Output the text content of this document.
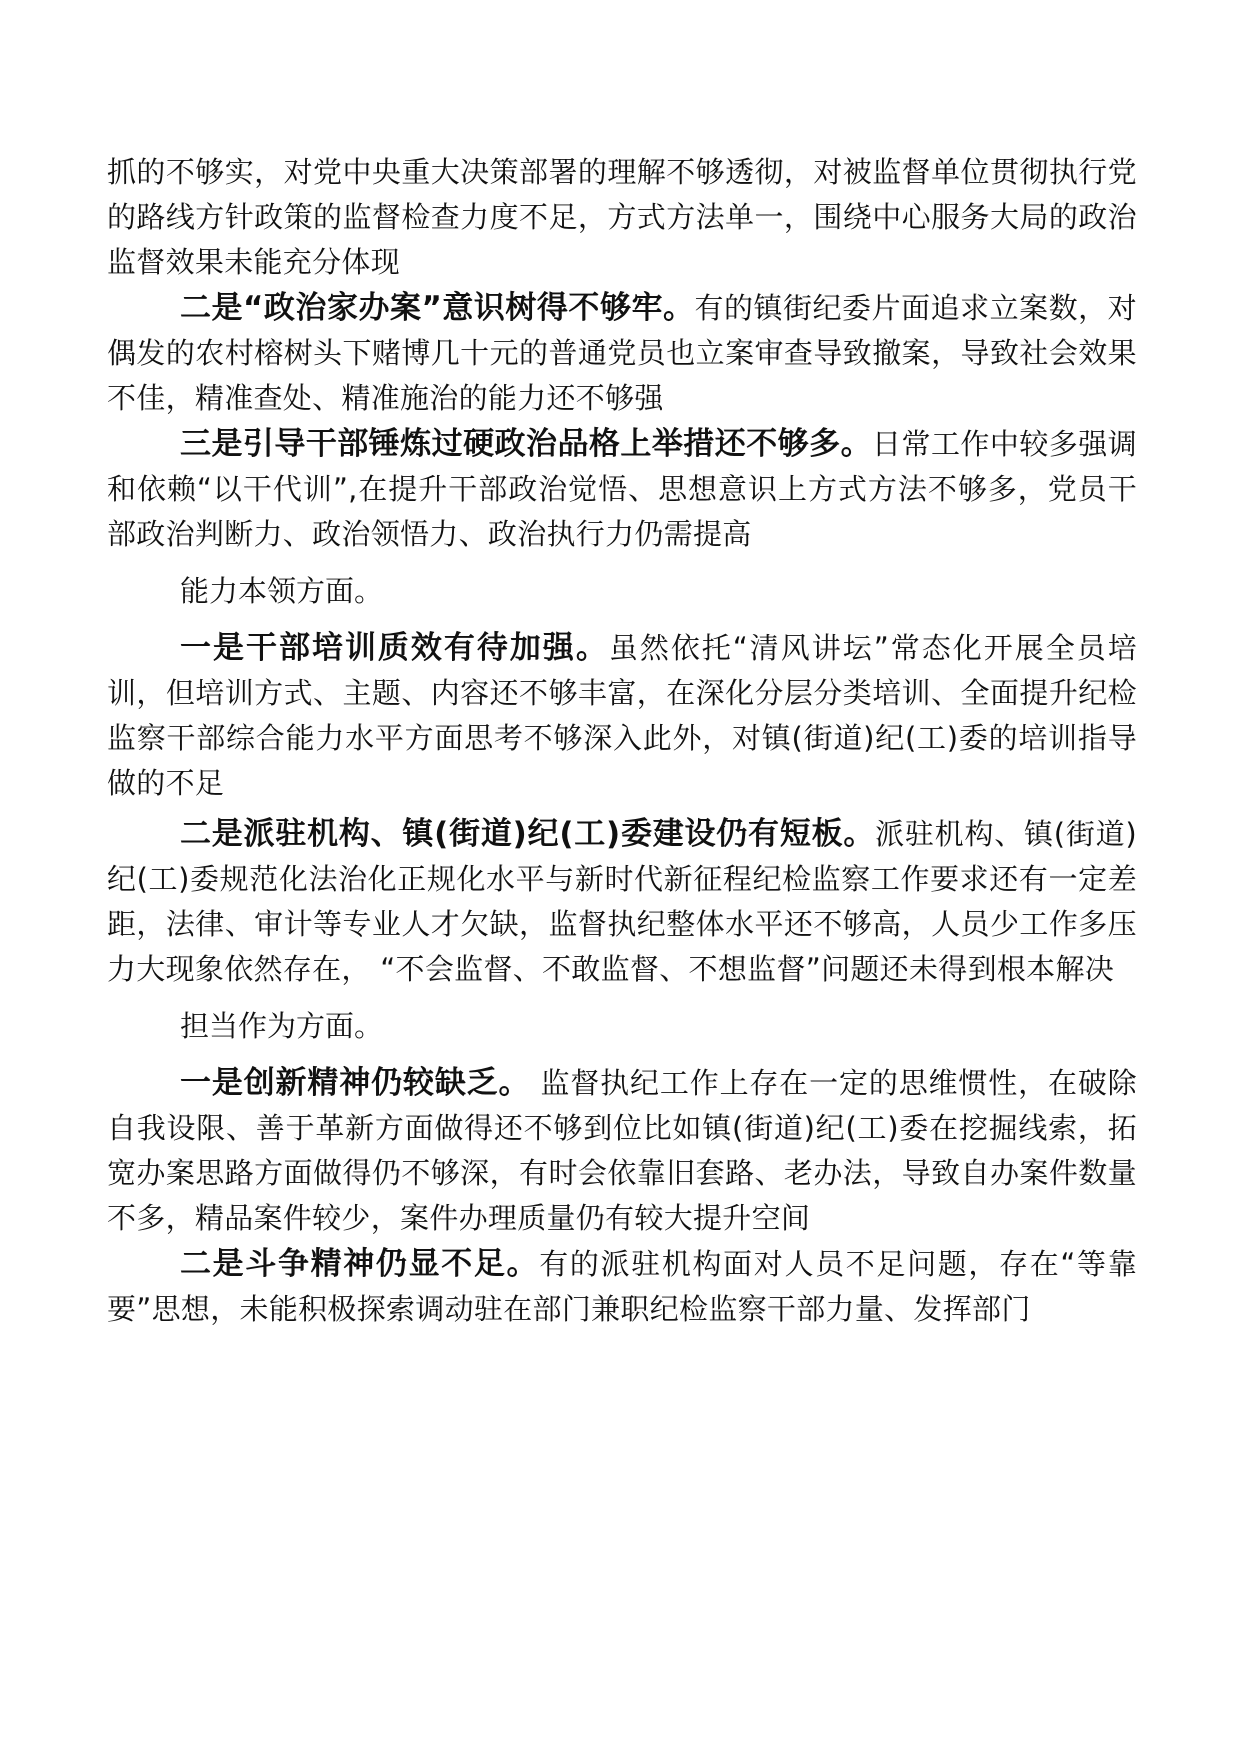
抓的不够实，对党中央重大决策部署的理解不够透彻，对被监督单位贯彻执行党的路线方针政策的监督检查力度不足，方式方法单一，围绕中心服务大局的政治监督效果未能充分体现

二是“政治家办案”意识树得不够牢。有的镇街纪委片面追求立案数，对偶发的农村榕树头下赌博几十元的普通党员也立案审查导致撤案，导致社会效果不佳，精准查处、精准施治的能力还不够强

三是引导干部锤炼过硬政治品格上举措还不够多。日常工作中较多强调和依赖“以干代训”,在提升干部政治觉悟、思想意识上方式方法不够多，党员干部政治判断力、政治领悟力、政治执行力仍需提高

能力本领方面。

一是干部培训质效有待加强。虽然依托“清风讲坛”常态化开展全员培训，但培训方式、主题、内容还不够丰富，在深化分层分类培训、全面提升纪检监察干部综合能力水平方面思考不够深入此外，对镇(街道)纪(工)委的培训指导做的不足

二是派驻机构、镇(街道)纪(工)委建设仍有短板。派驻机构、镇(街道)纪(工)委规范化法治化正规化水平与新时代新征程纪检监察工作要求还有一定差距，法律、审计等专业人才欠缺，监督执纪整体水平还不够高，人员少工作多压力大现象依然存在， “不会监督、不敢监督、不想监督”问题还未得到根本解决

担当作为方面。

一是创新精神仍较缺乏。 监督执纪工作上存在一定的思维惯性，在破除自我设限、善于革新方面做得还不够到位比如镇(街道)纪(工)委在挖掘线索，拓宽办案思路方面做得仍不够深，有时会依靠旧套路、老办法，导致自办案件数量不多，精品案件较少，案件办理质量仍有较大提升空间

二是斗争精神仍显不足。有的派驻机构面对人员不足问题，存在“等靠要”思想，未能积极探索调动驻在部门兼职纪检监察干部力量、发挥部门
